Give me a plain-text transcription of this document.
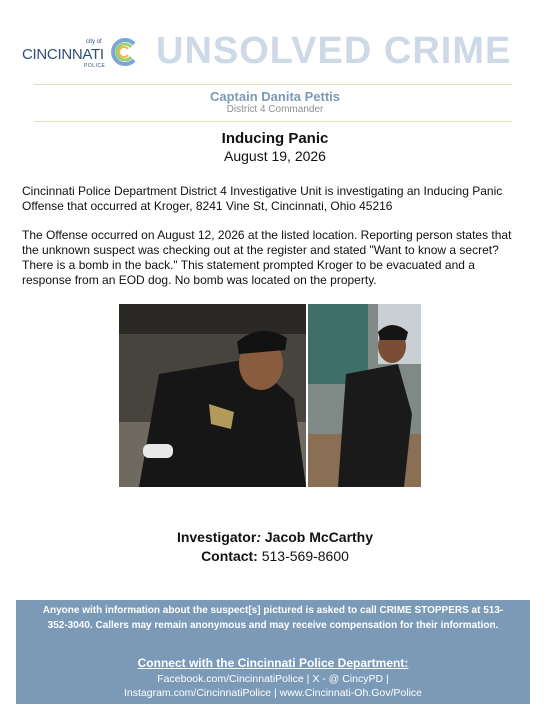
city of
CINCINNATI
POLICE UNSOLVED CRIME
Captain Danita Pettis
District 4 Commander
Inducing Panic
August 19, 2026
Cincinnati Police Department District 4 Investigative Unit is investigating an Inducing Panic Offense that occurred at Kroger, 8241 Vine St, Cincinnati, Ohio 45216
The Offense occurred on August 12, 2026 at the listed location. Reporting person states that the unknown suspect was checking out at the register and stated "Want to know a secret? There is a bomb in the back." This statement prompted Kroger to be evacuated and a response from an EOD dog. No bomb was located on the property.
Investigator: Jacob McCarthy
Contact: 513-569-8600
Anyone with information about the suspect[s] pictured is asked to call CRIME STOPPERS at 513-352-3040. Callers may remain anonymous and may receive compensation for their information.
Connect with the Cincinnati Police Department:
Facebook.com/CincinnatiPolice | X - @ CincyPD |
Instagram.com/CincinnatiPolice | www.Cincinnati-Oh.Gov/Police
